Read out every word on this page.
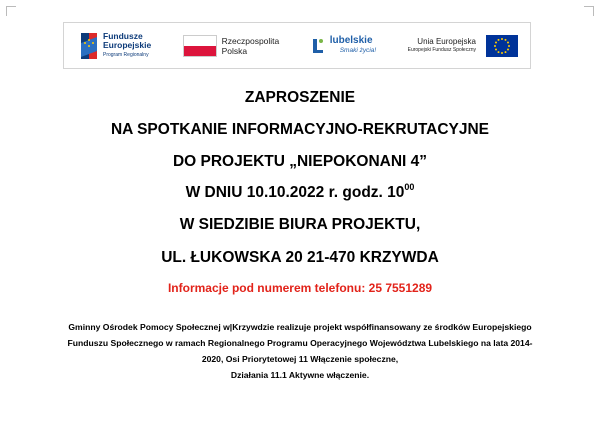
Fundusze
Europejskie
Program Regionalny
Rzeczpospolita
Polska
lubelskie
Smaki życia!
Unia Europejska
Europejski Fundusz Społeczny
ZAPROSZENIE
NA SPOTKANIE INFORMACYJNO-REKRUTACYJNE
DO PROJEKTU „NIEPOKONANI 4”
W DNIU 10.10.2022 r. godz. $10^{00}$
W SIEDZIBIE BIURA PROJEKTU,
UL. ŁUKOWSKA 20 21-470 KRZYWDA
Informacje pod numerem telefonu: 25 7551289
Gminny Ośrodek Pomocy Społecznej w|Krzywdzie realizuje projekt współfinansowany ze środków Europejskiego
Funduszu Społecznego w ramach Regionalnego Programu Operacyjnego Województwa Lubelskiego na lata 2014-
2020, Osi Priorytetowej 11 Włączenie społeczne,
Działania 11.1 Aktywne włączenie.
